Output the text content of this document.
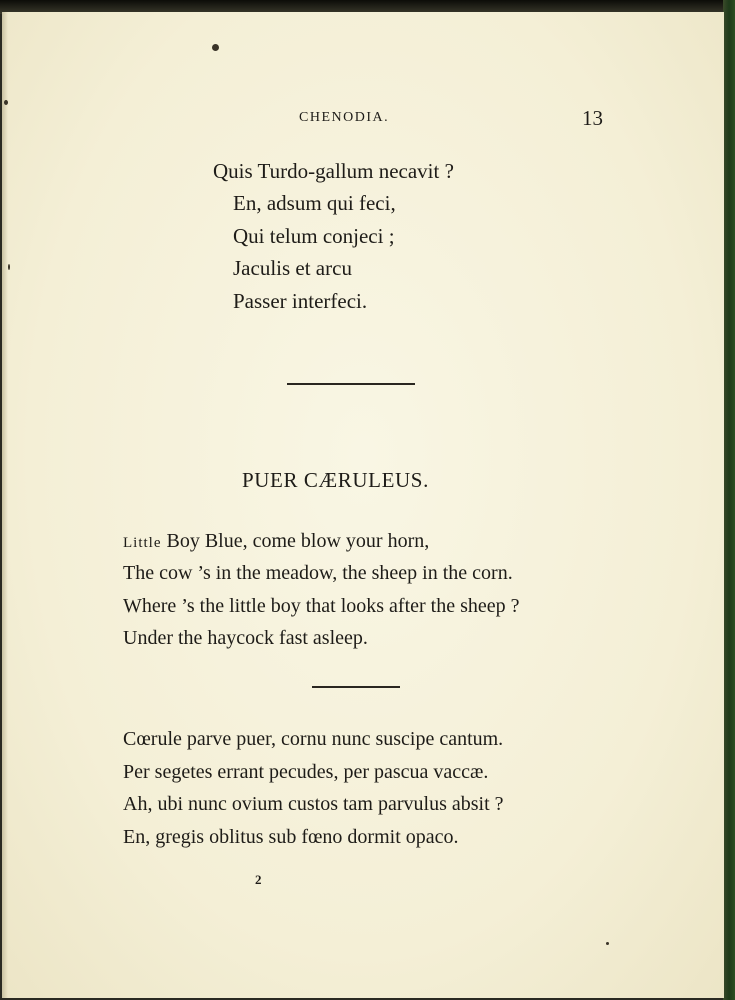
CHENODIA.	13
Quis Turdo-gallum necavit ?
En, adsum qui feci,
Qui telum conjeci ;
Jaculis et arcu
Passer interfeci.
PUER CÆRULEUS.
Little Boy Blue, come blow your horn,
The cow ’s in the meadow, the sheep in the corn.
Where ’s the little boy that looks after the sheep ?
Under the haycock fast asleep.
Cœrule parve puer, cornu nunc suscipe cantum.
Per segetes errant pecudes, per pascua vaccæ.
Ah, ubi nunc ovium custos tam parvulus absit ?
En, gregis oblitus sub fœno dormit opaco.
2
